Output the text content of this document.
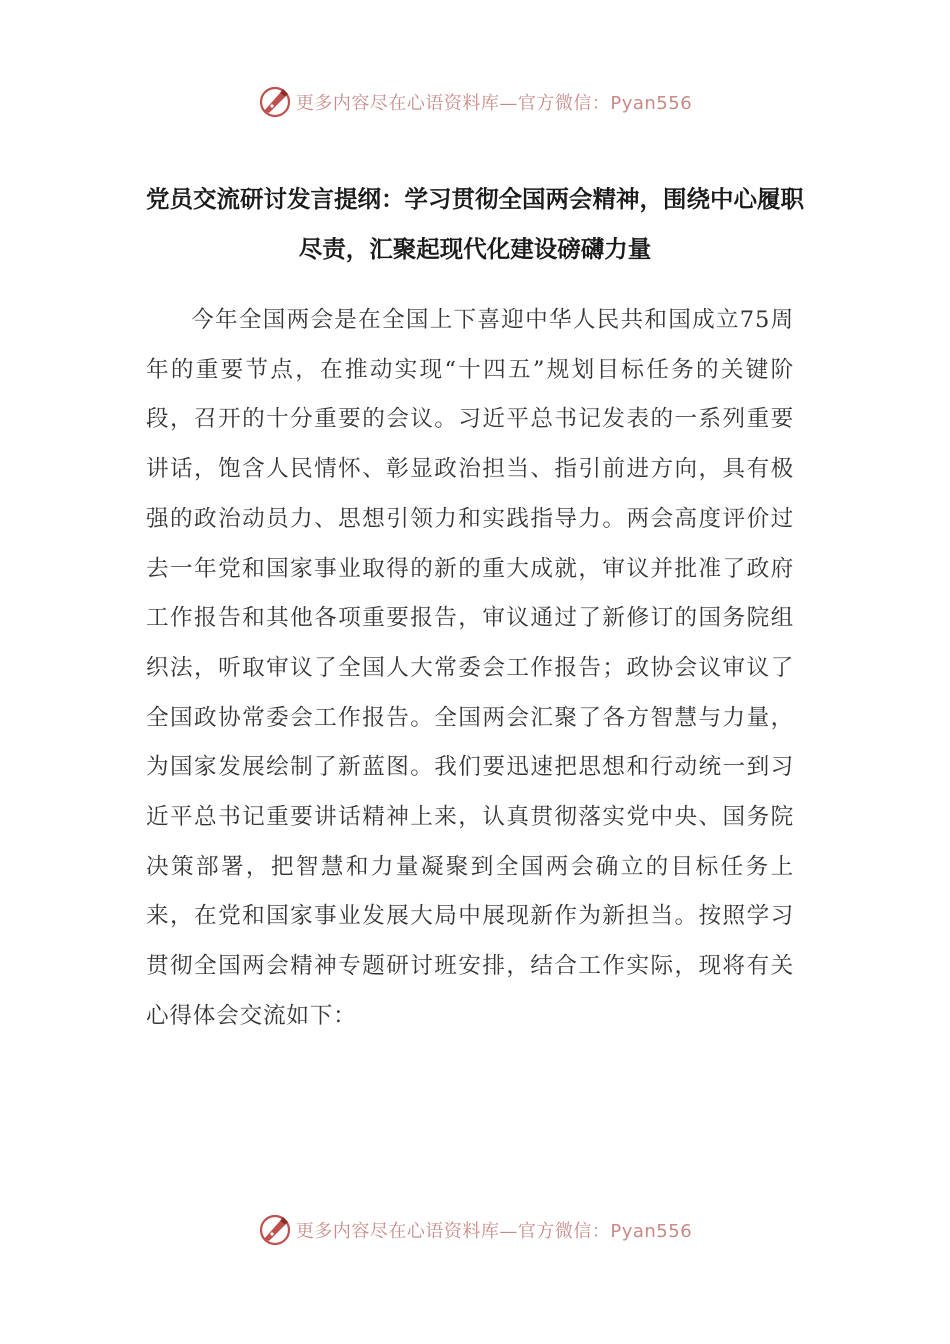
更多内容尽在心语资料库—官方微信：Pyan556
党员交流研讨发言提纲：学习贯彻全国两会精神，围绕中心履职尽责，汇聚起现代化建设磅礴力量

今年全国两会是在全国上下喜迎中华人民共和国成立75周年的重要节点，在推动实现“十四五”规划目标任务的关键阶段，召开的十分重要的会议。习近平总书记发表的一系列重要讲话，饱含人民情怀、彰显政治担当、指引前进方向，具有极强的政治动员力、思想引领力和实践指导力。两会高度评价过去一年党和国家事业取得的新的重大成就，审议并批准了政府工作报告和其他各项重要报告，审议通过了新修订的国务院组织法，听取审议了全国人大常委会工作报告；政协会议审议了全国政协常委会工作报告。全国两会汇聚了各方智慧与力量，为国家发展绘制了新蓝图。我们要迅速把思想和行动统一到习近平总书记重要讲话精神上来，认真贯彻落实党中央、国务院决策部署，把智慧和力量凝聚到全国两会确立的目标任务上来，在党和国家事业发展大局中展现新作为新担当。按照学习贯彻全国两会精神专题研讨班安排，结合工作实际，现将有关心得体会交流如下：

更多内容尽在心语资料库—官方微信：Pyan556
